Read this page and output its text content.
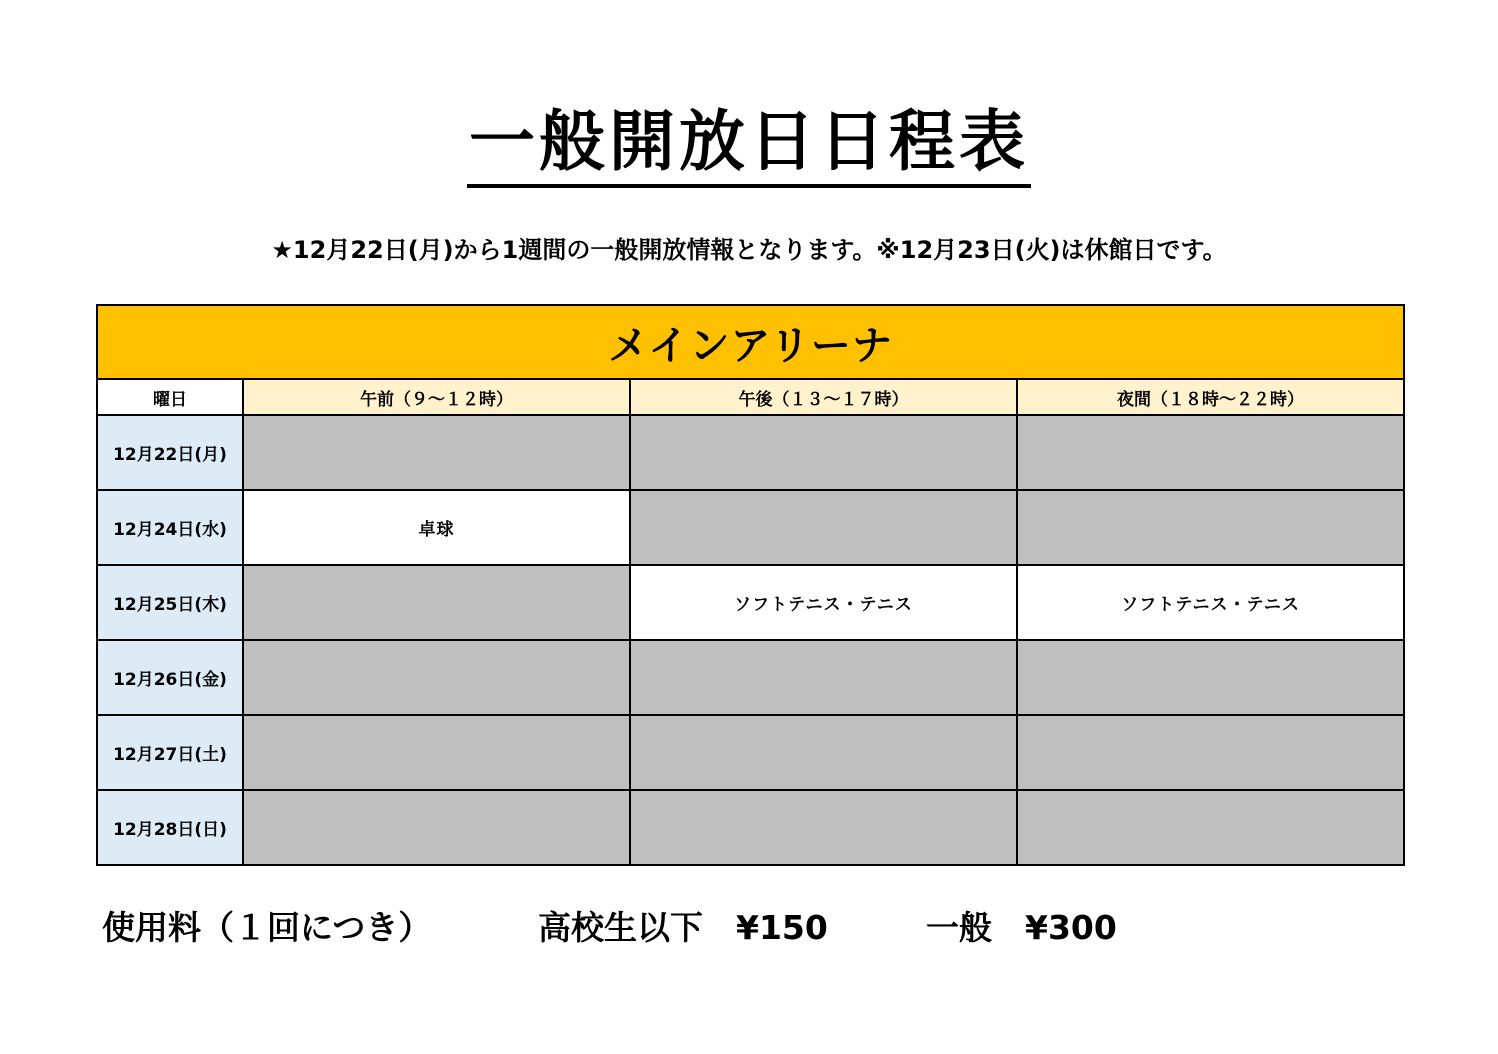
一般開放日日程表
★12月22日(月)から1週間の一般開放情報となります。※12月23日(火)は休館日です。
メインアリーナ			
曜日	午前（９～１２時）	午後（１３～１７時）	夜間（１８時～２２時）
12月22日(月)			
12月24日(水)	卓球		
12月25日(木)		ソフトテニス・テニス	ソフトテニス・テニス
12月26日(金)			
12月27日(土)			
12月28日(日)			
使用料（１回につき）	高校生以下　¥150	一般　¥300
